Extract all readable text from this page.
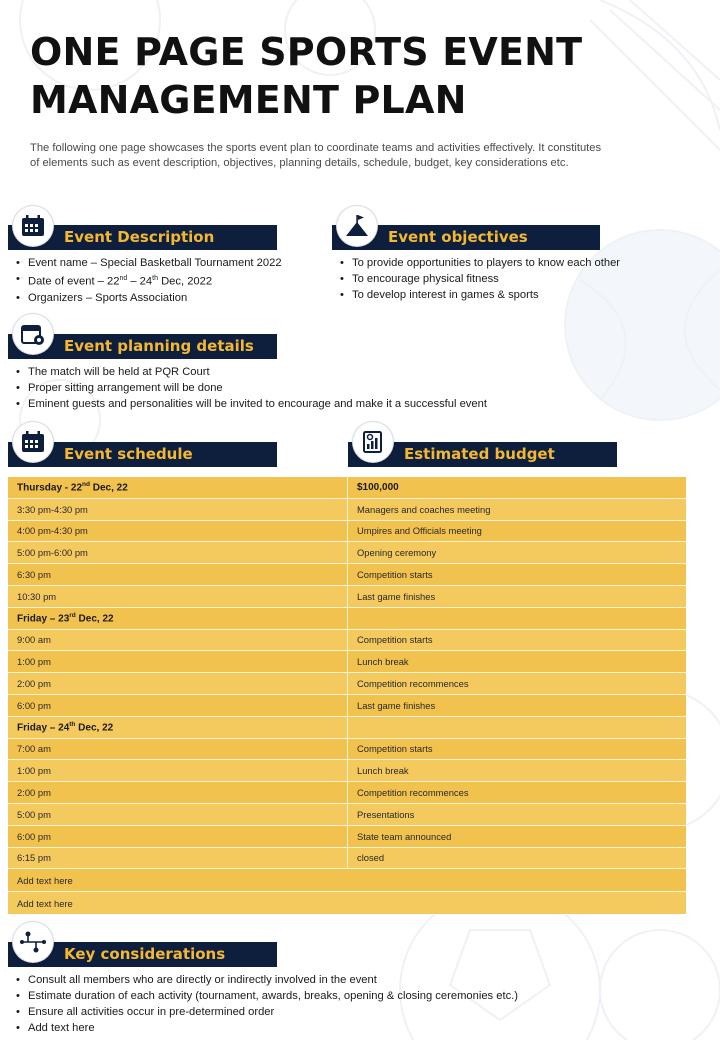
ONE PAGE SPORTS EVENT
MANAGEMENT PLAN
The following one page showcases the sports event plan to coordinate teams and activities effectively. It constitutes of elements such as event description, objectives, planning details, schedule, budget, key considerations etc.
Event Description
• Event name – Special Basketball Tournament 2022
• Date of event – 22nd – 24th Dec, 2022
• Organizers – Sports Association
Event objectives
• To provide opportunities to players to know each other
• To encourage physical fitness
• To develop interest in games & sports
Event planning details
• The match will be held at PQR Court
• Proper sitting arrangement will be done
• Eminent guests and personalities will be invited to encourage and make it a successful event
Event schedule	Estimated budget
Thursday - 22nd Dec, 22	$100,000
3:30 pm-4:30 pm	Managers and coaches meeting
4:00 pm-4:30 pm	Umpires and Officials meeting
5:00 pm-6:00 pm	Opening ceremony
6:30 pm	Competition starts
10:30 pm	Last game finishes
Friday – 23rd Dec, 22	
9:00 am	Competition starts
1:00 pm	Lunch break
2:00 pm	Competition recommences
6:00 pm	Last game finishes
Friday – 24th Dec, 22	
7:00 am	Competition starts
1:00 pm	Lunch break
2:00 pm	Competition recommences
5:00 pm	Presentations
6:00 pm	State team announced
6:15 pm	closed
Add text here	
Add text here	
Key considerations
• Consult all members who are directly or indirectly involved in the event
• Estimate duration of each activity (tournament, awards, breaks, opening & closing ceremonies etc.)
• Ensure all activities occur in pre-determined order
• Add text here
